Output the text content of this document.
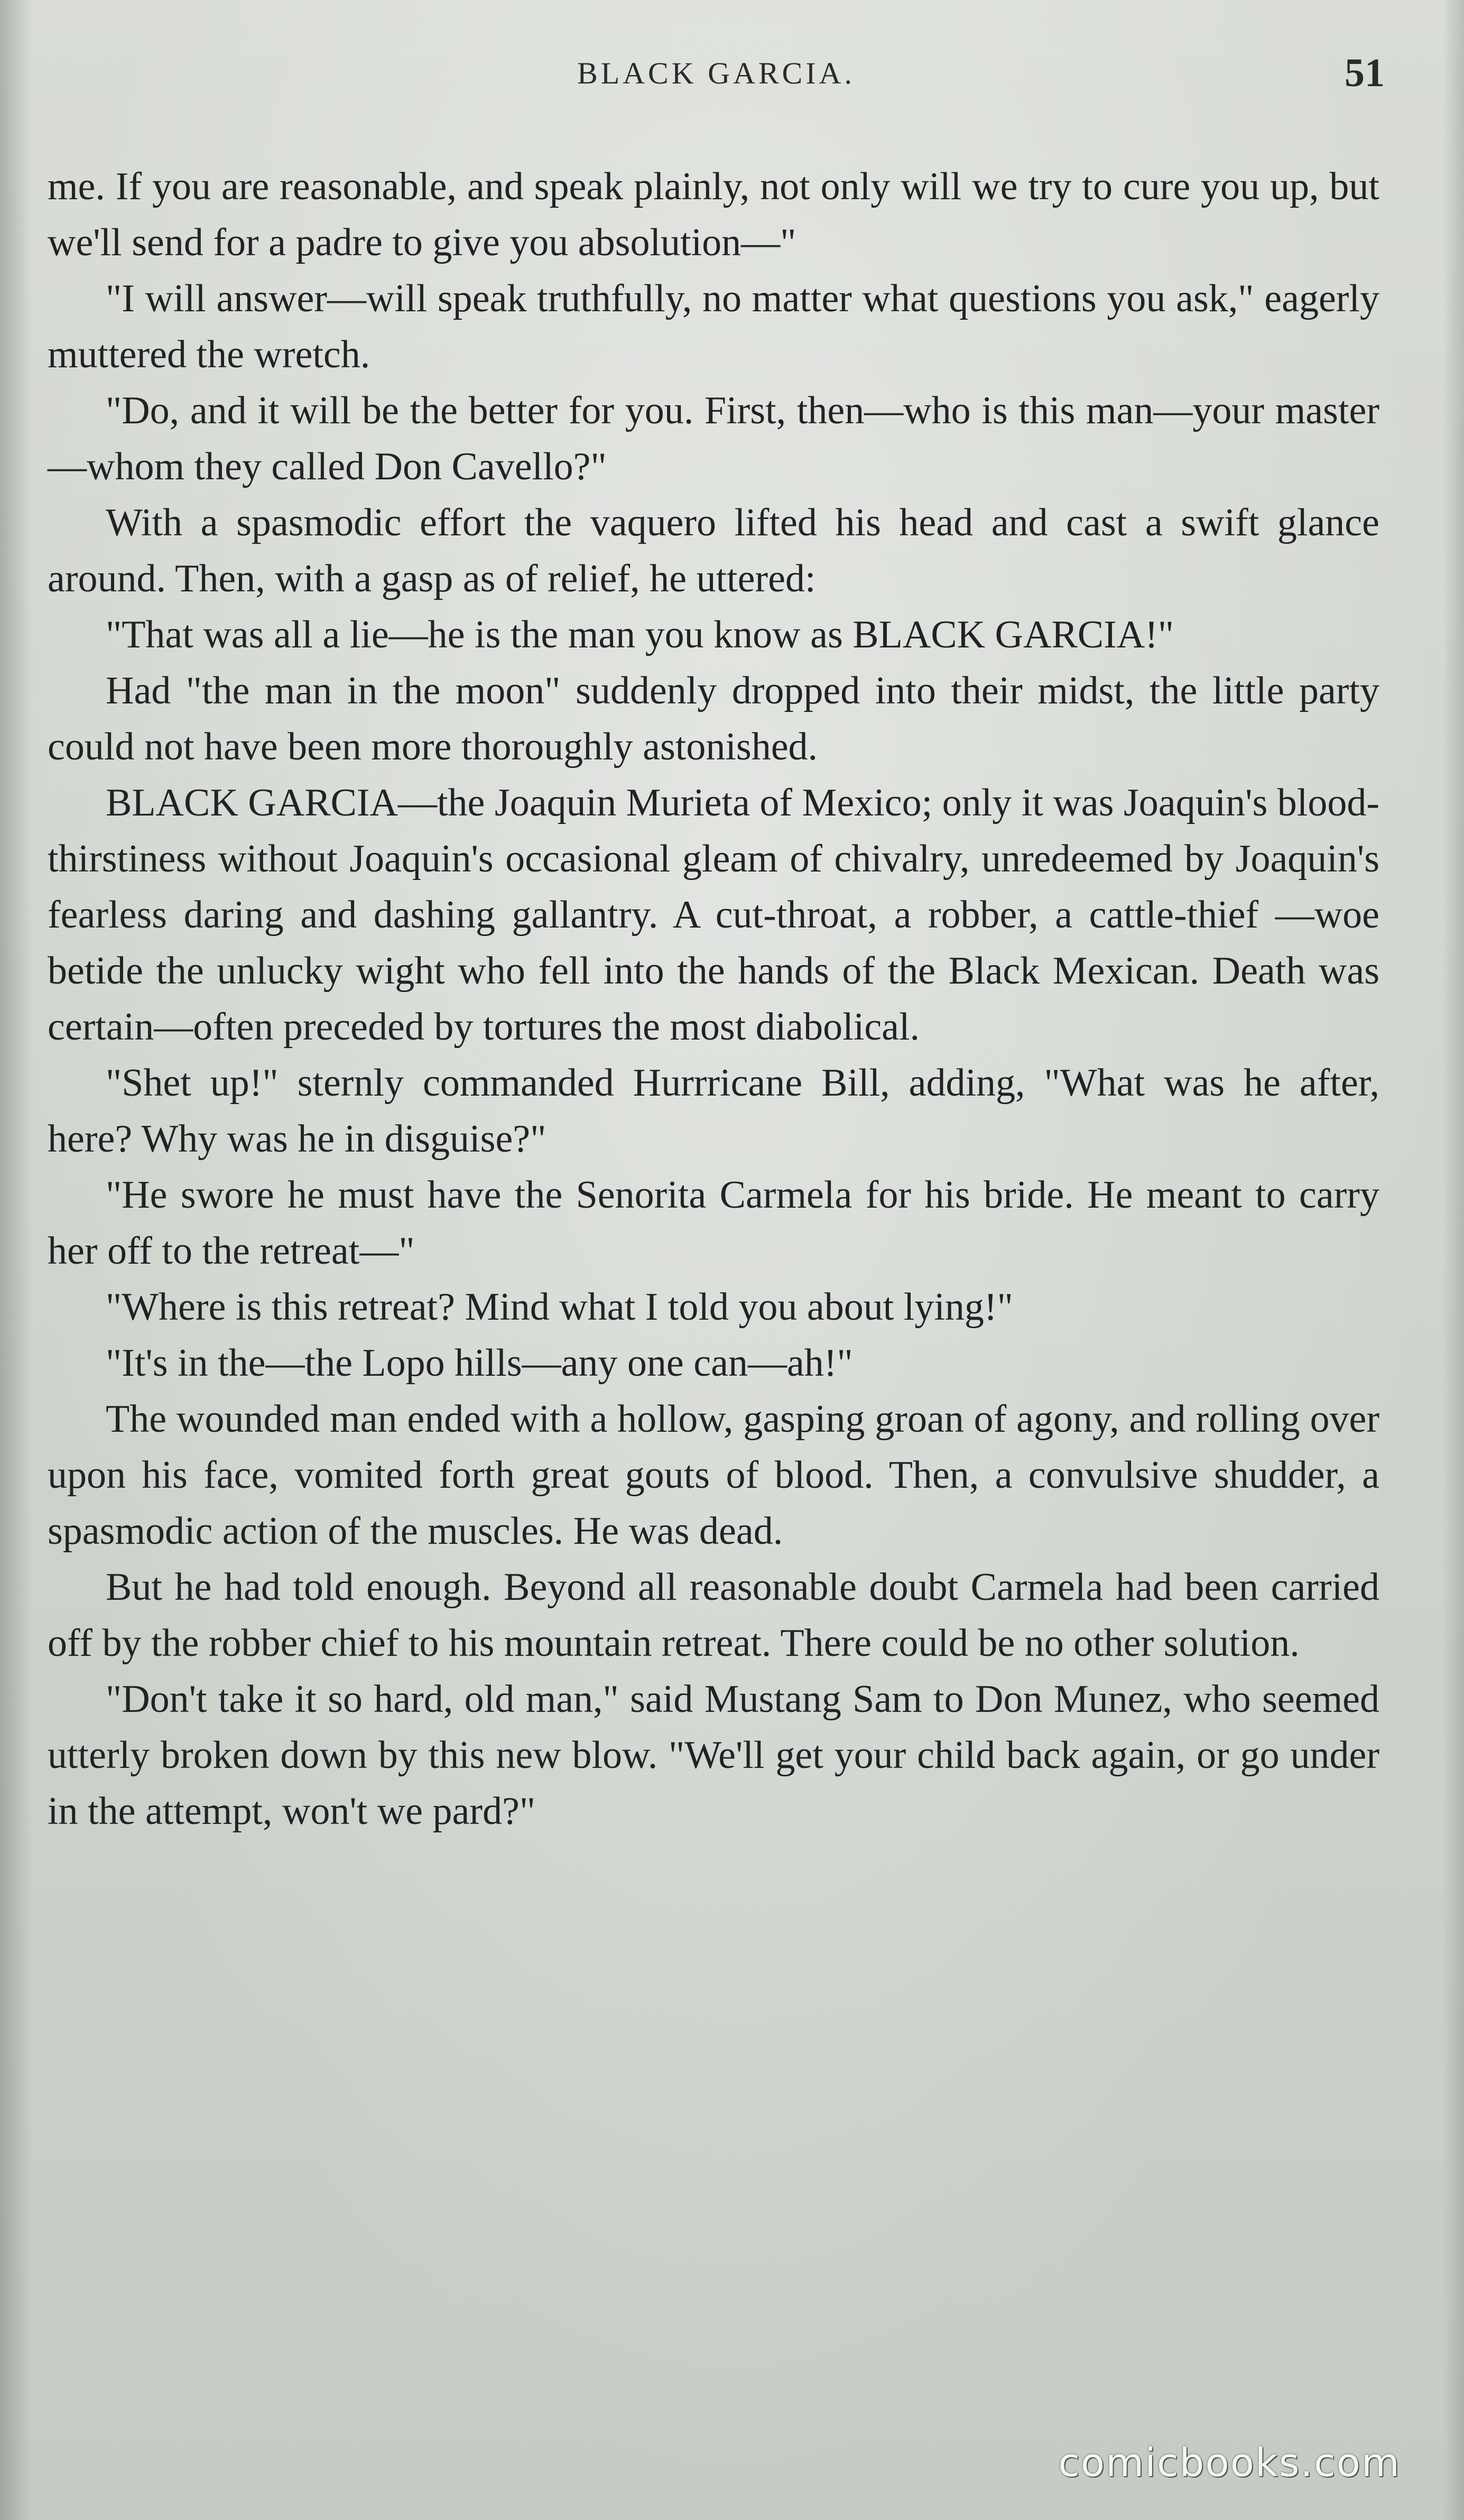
BLACK GARCIA.	51

me. If you are reasonable, and speak plainly, not only will we try to cure you up, but we'll send for a padre to give you absolution—"

"I will answer—will speak truthfully, no matter what questions you ask," eagerly muttered the wretch.

"Do, and it will be the better for you. First, then—who is this man—your master—whom they called Don Cavello?"

With a spasmodic effort the vaquero lifted his head and cast a swift glance around. Then, with a gasp as of relief, he uttered:

"That was all a lie—he is the man you know as BLACK GARCIA!"

Had "the man in the moon" suddenly dropped into their midst, the little party could not have been more thoroughly astonished.

BLACK GARCIA—the Joaquin Murieta of Mexico; only it was Joaquin's blood-thirstiness without Joaquin's occasional gleam of chivalry, unredeemed by Joaquin's fearless daring and dashing gallantry. A cut-throat, a robber, a cattle-thief —woe betide the unlucky wight who fell into the hands of the Black Mexican. Death was certain—often preceded by tortures the most diabolical.

"Shet up!" sternly commanded Hurrricane Bill, adding, "What was he after, here? Why was he in disguise?"

"He swore he must have the Senorita Carmela for his bride. He meant to carry her off to the retreat—"

"Where is this retreat? Mind what I told you about lying!"

"It's in the—the Lopo hills—any one can—ah!"

The wounded man ended with a hollow, gasping groan of agony, and rolling over upon his face, vomited forth great gouts of blood. Then, a convulsive shudder, a spasmodic action of the muscles. He was dead.

But he had told enough. Beyond all reasonable doubt Carmela had been carried off by the robber chief to his mountain retreat. There could be no other solution.

"Don't take it so hard, old man," said Mustang Sam to Don Munez, who seemed utterly broken down by this new blow. "We'll get your child back again, or go under in the attempt, won't we pard?"

comicbooks.com
